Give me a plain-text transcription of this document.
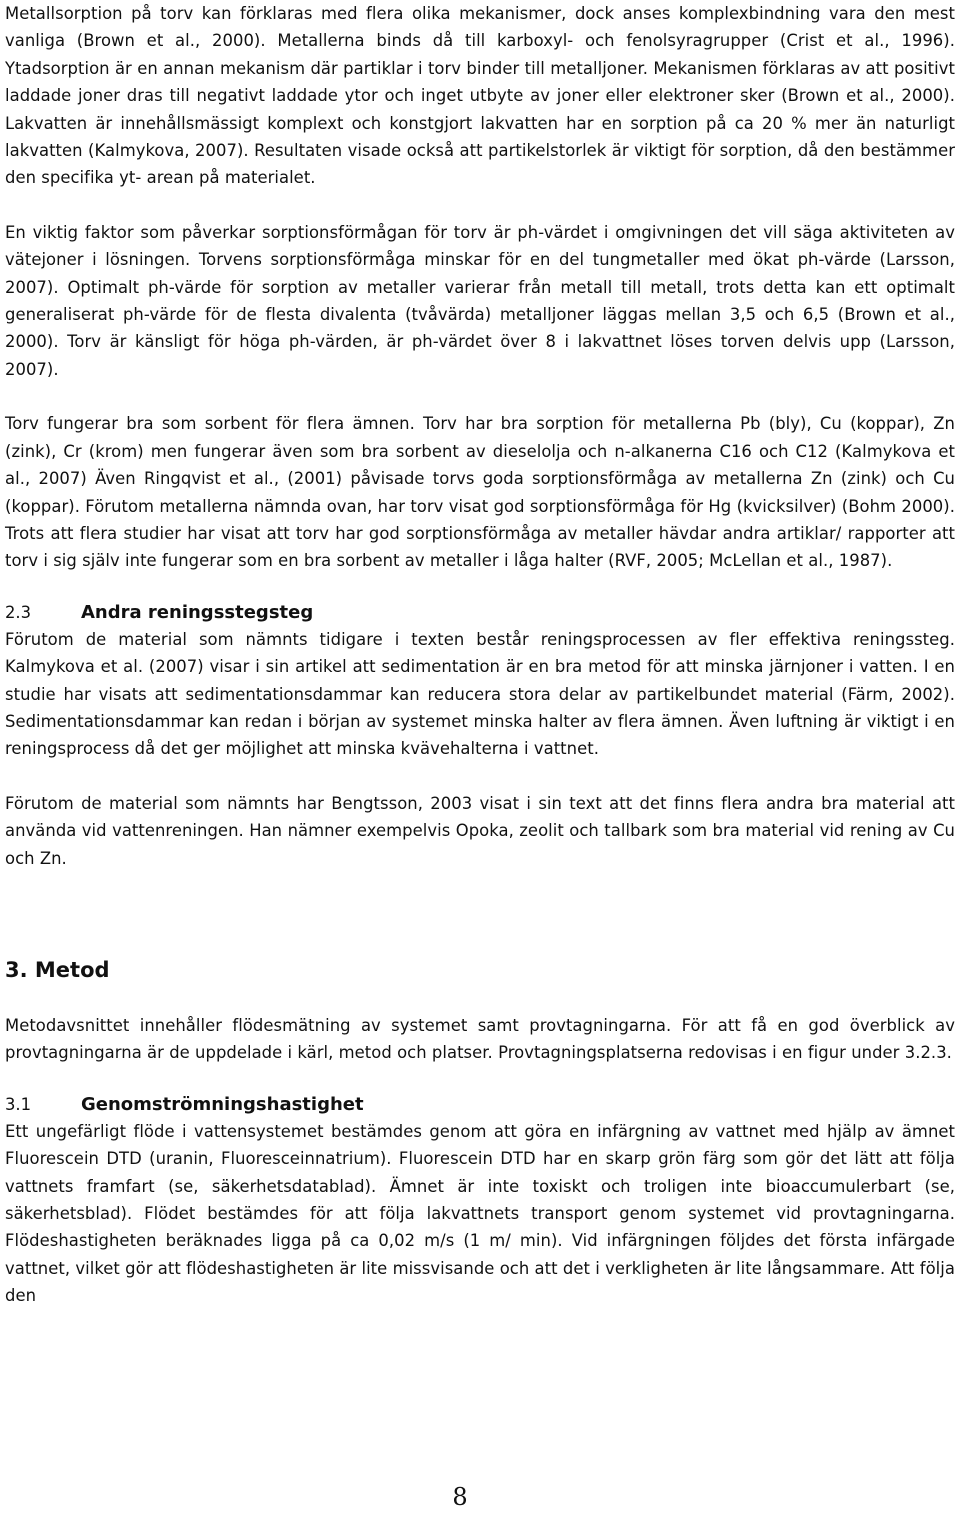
Metallsorption på torv kan förklaras med flera olika mekanismer, dock anses komplexbindning vara den mest vanliga (Brown et al., 2000). Metallerna binds då till karboxyl- och fenolsyragrupper (Crist et al., 1996). Ytadsorption är en annan mekanism där partiklar i torv binder till metalljoner. Mekanismen förklaras av att positivt laddade joner dras till negativt laddade ytor och inget utbyte av joner eller elektroner sker (Brown et al., 2000). Lakvatten är innehållsmässigt komplext och konstgjort lakvatten har en sorption på ca 20 % mer än naturligt lakvatten (Kalmykova, 2007). Resultaten visade också att partikelstorlek är viktigt för sorption, då den bestämmer den specifika yt- arean på materialet.

En viktig faktor som påverkar sorptionsförmågan för torv är ph-värdet i omgivningen det vill säga aktiviteten av vätejoner i lösningen. Torvens sorptionsförmåga minskar för en del tungmetaller med ökat ph-värde (Larsson, 2007). Optimalt ph-värde för sorption av metaller varierar från metall till metall, trots detta kan ett optimalt generaliserat ph-värde för de flesta divalenta (tvåvärda) metalljoner läggas mellan 3,5 och 6,5 (Brown et al., 2000). Torv är känsligt för höga ph-värden, är ph-värdet över 8 i lakvattnet löses torven delvis upp (Larsson, 2007).

Torv fungerar bra som sorbent för flera ämnen. Torv har bra sorption för metallerna Pb (bly), Cu (koppar), Zn (zink), Cr (krom) men fungerar även som bra sorbent av dieselolja och n-alkanerna C16 och C12 (Kalmykova et al., 2007) Även Ringqvist et al., (2001) påvisade torvs goda sorptionsförmåga av metallerna Zn (zink) och Cu (koppar). Förutom metallerna nämnda ovan, har torv visat god sorptionsförmåga för Hg (kvicksilver) (Bohm 2000). Trots att flera studier har visat att torv har god sorptionsförmåga av metaller hävdar andra artiklar/ rapporter att torv i sig själv inte fungerar som en bra sorbent av metaller i låga halter (RVF, 2005; McLellan et al., 1987).

2.3	Andra reningsstegsteg

Förutom de material som nämnts tidigare i texten består reningsprocessen av fler effektiva reningssteg. Kalmykova et al. (2007) visar i sin artikel att sedimentation är en bra metod för att minska järnjoner i vatten. I en studie har visats att sedimentationsdammar kan reducera stora delar av partikelbundet material (Färm, 2002). Sedimentationsdammar kan redan i början av systemet minska halter av flera ämnen. Även luftning är viktigt i en reningsprocess då det ger möjlighet att minska kvävehalterna i vattnet.

Förutom de material som nämnts har Bengtsson, 2003 visat i sin text att det finns flera andra bra material att använda vid vattenreningen. Han nämner exempelvis Opoka, zeolit och tallbark som bra material vid rening av Cu och Zn.

3. Metod

Metodavsnittet innehåller flödesmätning av systemet samt provtagningarna. För att få en god överblick av provtagningarna är de uppdelade i kärl, metod och platser. Provtagningsplatserna redovisas i en figur under 3.2.3.

3.1	Genomströmningshastighet

Ett ungefärligt flöde i vattensystemet bestämdes genom att göra en infärgning av vattnet med hjälp av ämnet Fluorescein DTD (uranin, Fluoresceinnatrium). Fluorescein DTD har en skarp grön färg som gör det lätt att följa vattnets framfart (se, säkerhetsdatablad). Ämnet är inte toxiskt och troligen inte bioaccumulerbart (se, säkerhetsblad). Flödet bestämdes för att följa lakvattnets transport genom systemet vid provtagningarna. Flödeshastigheten beräknades ligga på ca 0,02 m/s (1 m/ min). Vid infärgningen följdes det första infärgade vattnet, vilket gör att flödeshastigheten är lite missvisande och att det i verkligheten är lite långsammare. Att följa den

8
